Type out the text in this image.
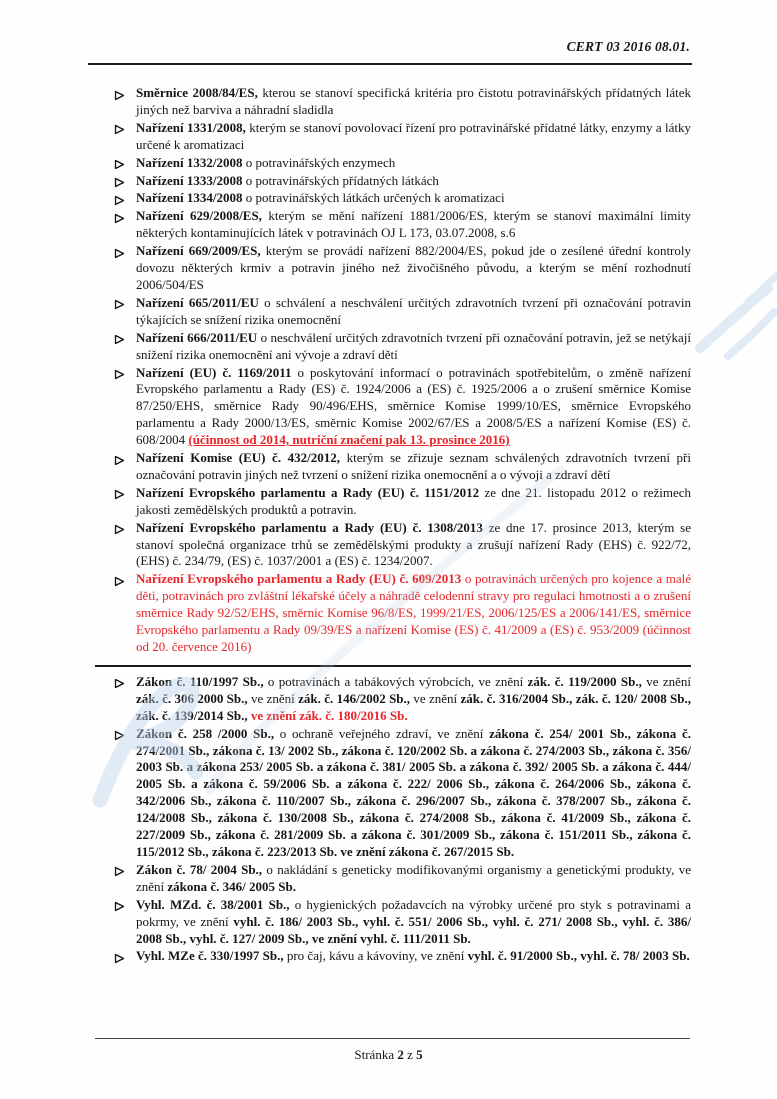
CERT 03 2016 08.01.
Směrnice 2008/84/ES, kterou se stanoví specifická kritéria pro čistotu potravinářských přídatných látek jiných než barviva a náhradní sladidla
Nařízení 1331/2008, kterým se stanoví povolovací řízení pro potravinářské přídatné látky, enzymy a látky určené k aromatizaci
Nařízení 1332/2008 o potravinářských enzymech
Nařízení 1333/2008 o potravinářských přídatných látkách
Nařízení 1334/2008 o potravinářských látkách určených k aromatizaci
Nařízení 629/2008/ES, kterým se mění nařízení 1881/2006/ES, kterým se stanoví maximální limity některých kontaminujících látek v potravinách OJ L 173, 03.07.2008, s.6
Nařízení 669/2009/ES, kterým se provádí nařízení 882/2004/ES, pokud jde o zesílené úřední kontroly dovozu některých krmiv a potravin jiného než živočišného původu, a kterým se mění rozhodnutí 2006/504/ES
Nařízení 665/2011/EU o schválení a neschválení určitých zdravotních tvrzení při označování potravin týkajících se snížení rizika onemocnění
Nařízení 666/2011/EU o neschválení určitých zdravotních tvrzení při označování potravin, jež se netýkají snížení rizika onemocnění ani vývoje a zdraví dětí
Nařízení (EU) č. 1169/2011 o poskytování informací o potravinách spotřebitelům, o změně nařízení Evropského parlamentu a Rady (ES) č. 1924/2006 a (ES) č. 1925/2006 a o zrušení směrnice Komise 87/250/EHS, směrnice Rady 90/496/EHS, směrnice Komise 1999/10/ES, směrnice Evropského parlamentu a Rady 2000/13/ES, směrnic Komise 2002/67/ES a 2008/5/ES a nařízení Komise (ES) č. 608/2004 (účinnost od 2014, nutriční značení pak 13. prosince 2016)
Nařízení Komise (EU) č. 432/2012, kterým se zřizuje seznam schválených zdravotních tvrzení při označování potravin jiných než tvrzení o snížení rizika onemocnění a o vývoji a zdraví dětí
Nařízení Evropského parlamentu a Rady (EU) č. 1151/2012 ze dne 21. listopadu 2012 o režimech jakosti zemědělských produktů a potravin.
Nařízení Evropského parlamentu a Rady (EU) č. 1308/2013 ze dne 17. prosince 2013, kterým se stanoví společná organizace trhů se zemědělskými produkty a zrušují nařízení Rady (EHS) č. 922/72, (EHS) č. 234/79, (ES) č. 1037/2001 a (ES) č. 1234/2007.
Nařízení Evropského parlamentu a Rady (EU) č. 609/2013 o potravinách určených pro kojence a malé děti, potravinách pro zvláštní lékařské účely a náhradě celodenní stravy pro regulaci hmotnosti a o zrušení směrnice Rady 92/52/EHS, směrnic Komise 96/8/ES, 1999/21/ES, 2006/125/ES a 2006/141/ES, směrnice Evropského parlamentu a Rady 09/39/ES a nařízení Komise (ES) č. 41/2009 a (ES) č. 953/2009 (účinnost od 20. července 2016)
Zákon č. 110/1997 Sb., o potravinách a tabákových výrobcích, ve znění zák. č. 119/2000 Sb., ve znění zák. č. 306 2000 Sb., ve znění zák. č. 146/2002 Sb., ve znění zák. č. 316/2004 Sb., zák. č. 120/ 2008 Sb., zák. č. 139/2014 Sb., ve znění zák. č. 180/2016 Sb.
Zákon č. 258 /2000 Sb., o ochraně veřejného zdraví, ve znění zákona č. 254/ 2001 Sb., zákona č. 274/2001 Sb., zákona č. 13/ 2002 Sb., zákona č. 120/2002 Sb. a zákona č. 274/2003 Sb., zákona č. 356/ 2003 Sb. a zákona 253/ 2005 Sb. a zákona č. 381/ 2005 Sb. a zákona č. 392/ 2005 Sb. a zákona č. 444/ 2005 Sb. a zákona č. 59/2006 Sb. a zákona č. 222/ 2006 Sb., zákona č. 264/2006 Sb., zákona č. 342/2006 Sb., zákona č. 110/2007 Sb., zákona č. 296/2007 Sb., zákona č. 378/2007 Sb., zákona č. 124/2008 Sb., zákona č. 130/2008 Sb., zákona č. 274/2008 Sb., zákona č. 41/2009 Sb., zákona č. 227/2009 Sb., zákona č. 281/2009 Sb. a zákona č. 301/2009 Sb., zákona č. 151/2011 Sb., zákona č. 115/2012 Sb., zákona č. 223/2013 Sb. ve znění zákona č. 267/2015 Sb.
Zákon č. 78/ 2004 Sb., o nakládání s geneticky modifikovanými organismy a genetickými produkty, ve znění zákona č. 346/ 2005 Sb.
Vyhl. MZd. č. 38/2001 Sb., o hygienických požadavcích na výrobky určené pro styk s potravinami a pokrmy, ve znění vyhl. č. 186/ 2003 Sb., vyhl. č. 551/ 2006 Sb., vyhl. č. 271/ 2008 Sb., vyhl. č. 386/ 2008 Sb., vyhl. č. 127/ 2009 Sb., ve znění vyhl. č. 111/2011 Sb.
Vyhl. MZe č. 330/1997 Sb., pro čaj, kávu a kávoviny, ve znění vyhl. č. 91/2000 Sb., vyhl. č. 78/ 2003 Sb.
Stránka 2 z 5
